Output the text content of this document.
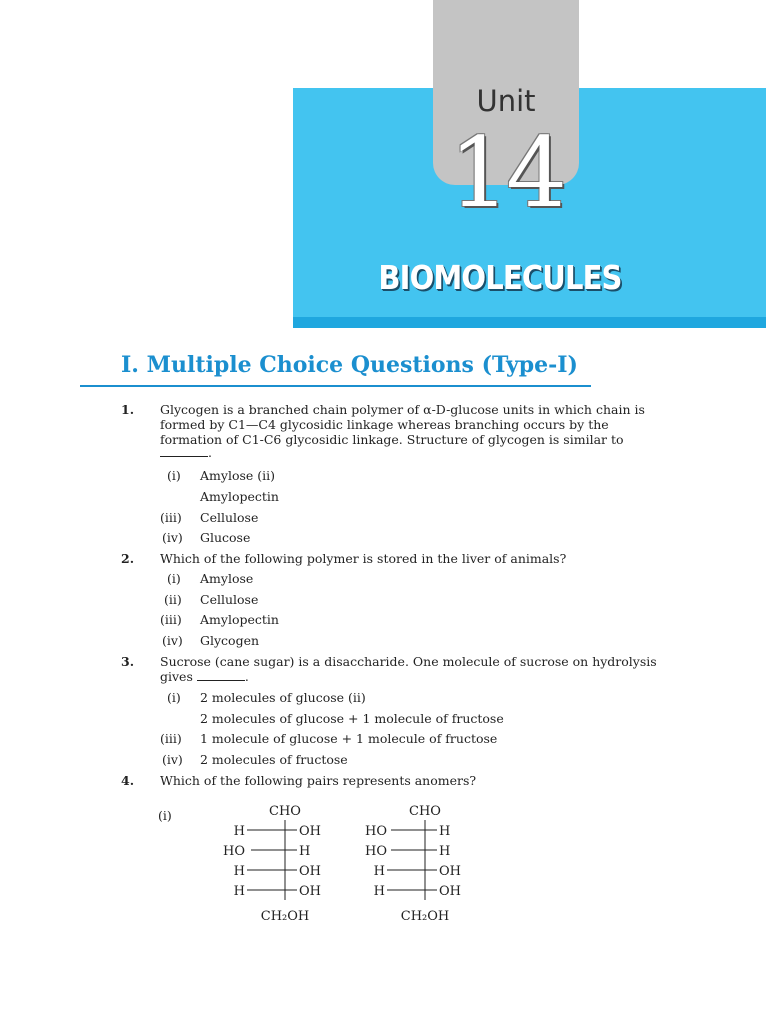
Unit
14
BIOMOLECULES
I. Multiple Choice Questions (Type-I)
1. Glycogen is a branched chain polymer of α-D-glucose units in which chain is
formed by C1—C4 glycosidic linkage whereas branching occurs by the
formation of C1-C6 glycosidic linkage. Structure of glycogen is similar to
.
(i) Amylose (ii)
Amylopectin
(iii) Cellulose
(iv) Glucose
2. Which of the following polymer is stored in the liver of animals?
(i) Amylose
(ii) Cellulose
(iii) Amylopectin
(iv) Glycogen
3. Sucrose (cane sugar) is a disaccharide. One molecule of sucrose on hydrolysis
gives	.
(i) 2 molecules of glucose (ii)
2 molecules of glucose + 1 molecule of fructose
(iii) 1 molecule of glucose + 1 molecule of fructose
(iv) 2 molecules of fructose
4. Which of the following pairs represents anomers?
(i)	CHO
H	OH
HO	H
H	OH
H	OH
CH₂OH
CHO
HO	H
HO	H
H	OH
H	OH
CH₂OH
